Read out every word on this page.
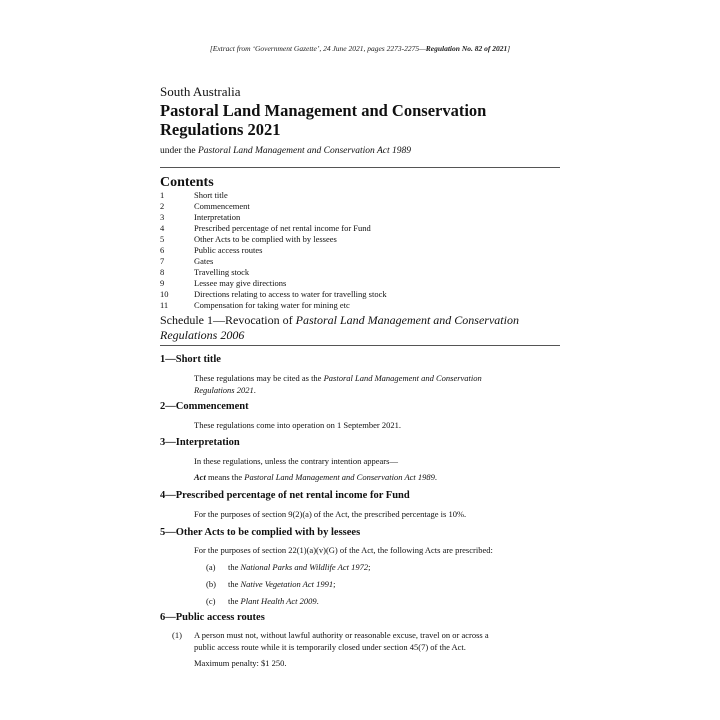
[Extract from ‘Government Gazette’, 24 June 2021, pages 2273-2275—Regulation No. 82 of 2021]
South Australia
Pastoral Land Management and Conservation
Regulations 2021
under the Pastoral Land Management and Conservation Act 1989
Contents
1	Short title
2	Commencement
3	Interpretation
4	Prescribed percentage of net rental income for Fund
5	Other Acts to be complied with by lessees
6	Public access routes
7	Gates
8	Travelling stock
9	Lessee may give directions
10	Directions relating to access to water for travelling stock
11	Compensation for taking water for mining etc
Schedule 1—Revocation of Pastoral Land Management and Conservation
Regulations 2006
1—Short title
These regulations may be cited as the Pastoral Land Management and Conservation
Regulations 2021.
2—Commencement
These regulations come into operation on 1 September 2021.
3—Interpretation
In these regulations, unless the contrary intention appears—
Act means the Pastoral Land Management and Conservation Act 1989.
4—Prescribed percentage of net rental income for Fund
For the purposes of section 9(2)(a) of the Act, the prescribed percentage is 10%.
5—Other Acts to be complied with by lessees
For the purposes of section 22(1)(a)(v)(G) of the Act, the following Acts are prescribed:
(a)	the National Parks and Wildlife Act 1972;
(b)	the Native Vegetation Act 1991;
(c)	the Plant Health Act 2009.
6—Public access routes
(1) A person must not, without lawful authority or reasonable excuse, travel on or across a
public access route while it is temporarily closed under section 45(7) of the Act.
Maximum penalty: $1 250.
